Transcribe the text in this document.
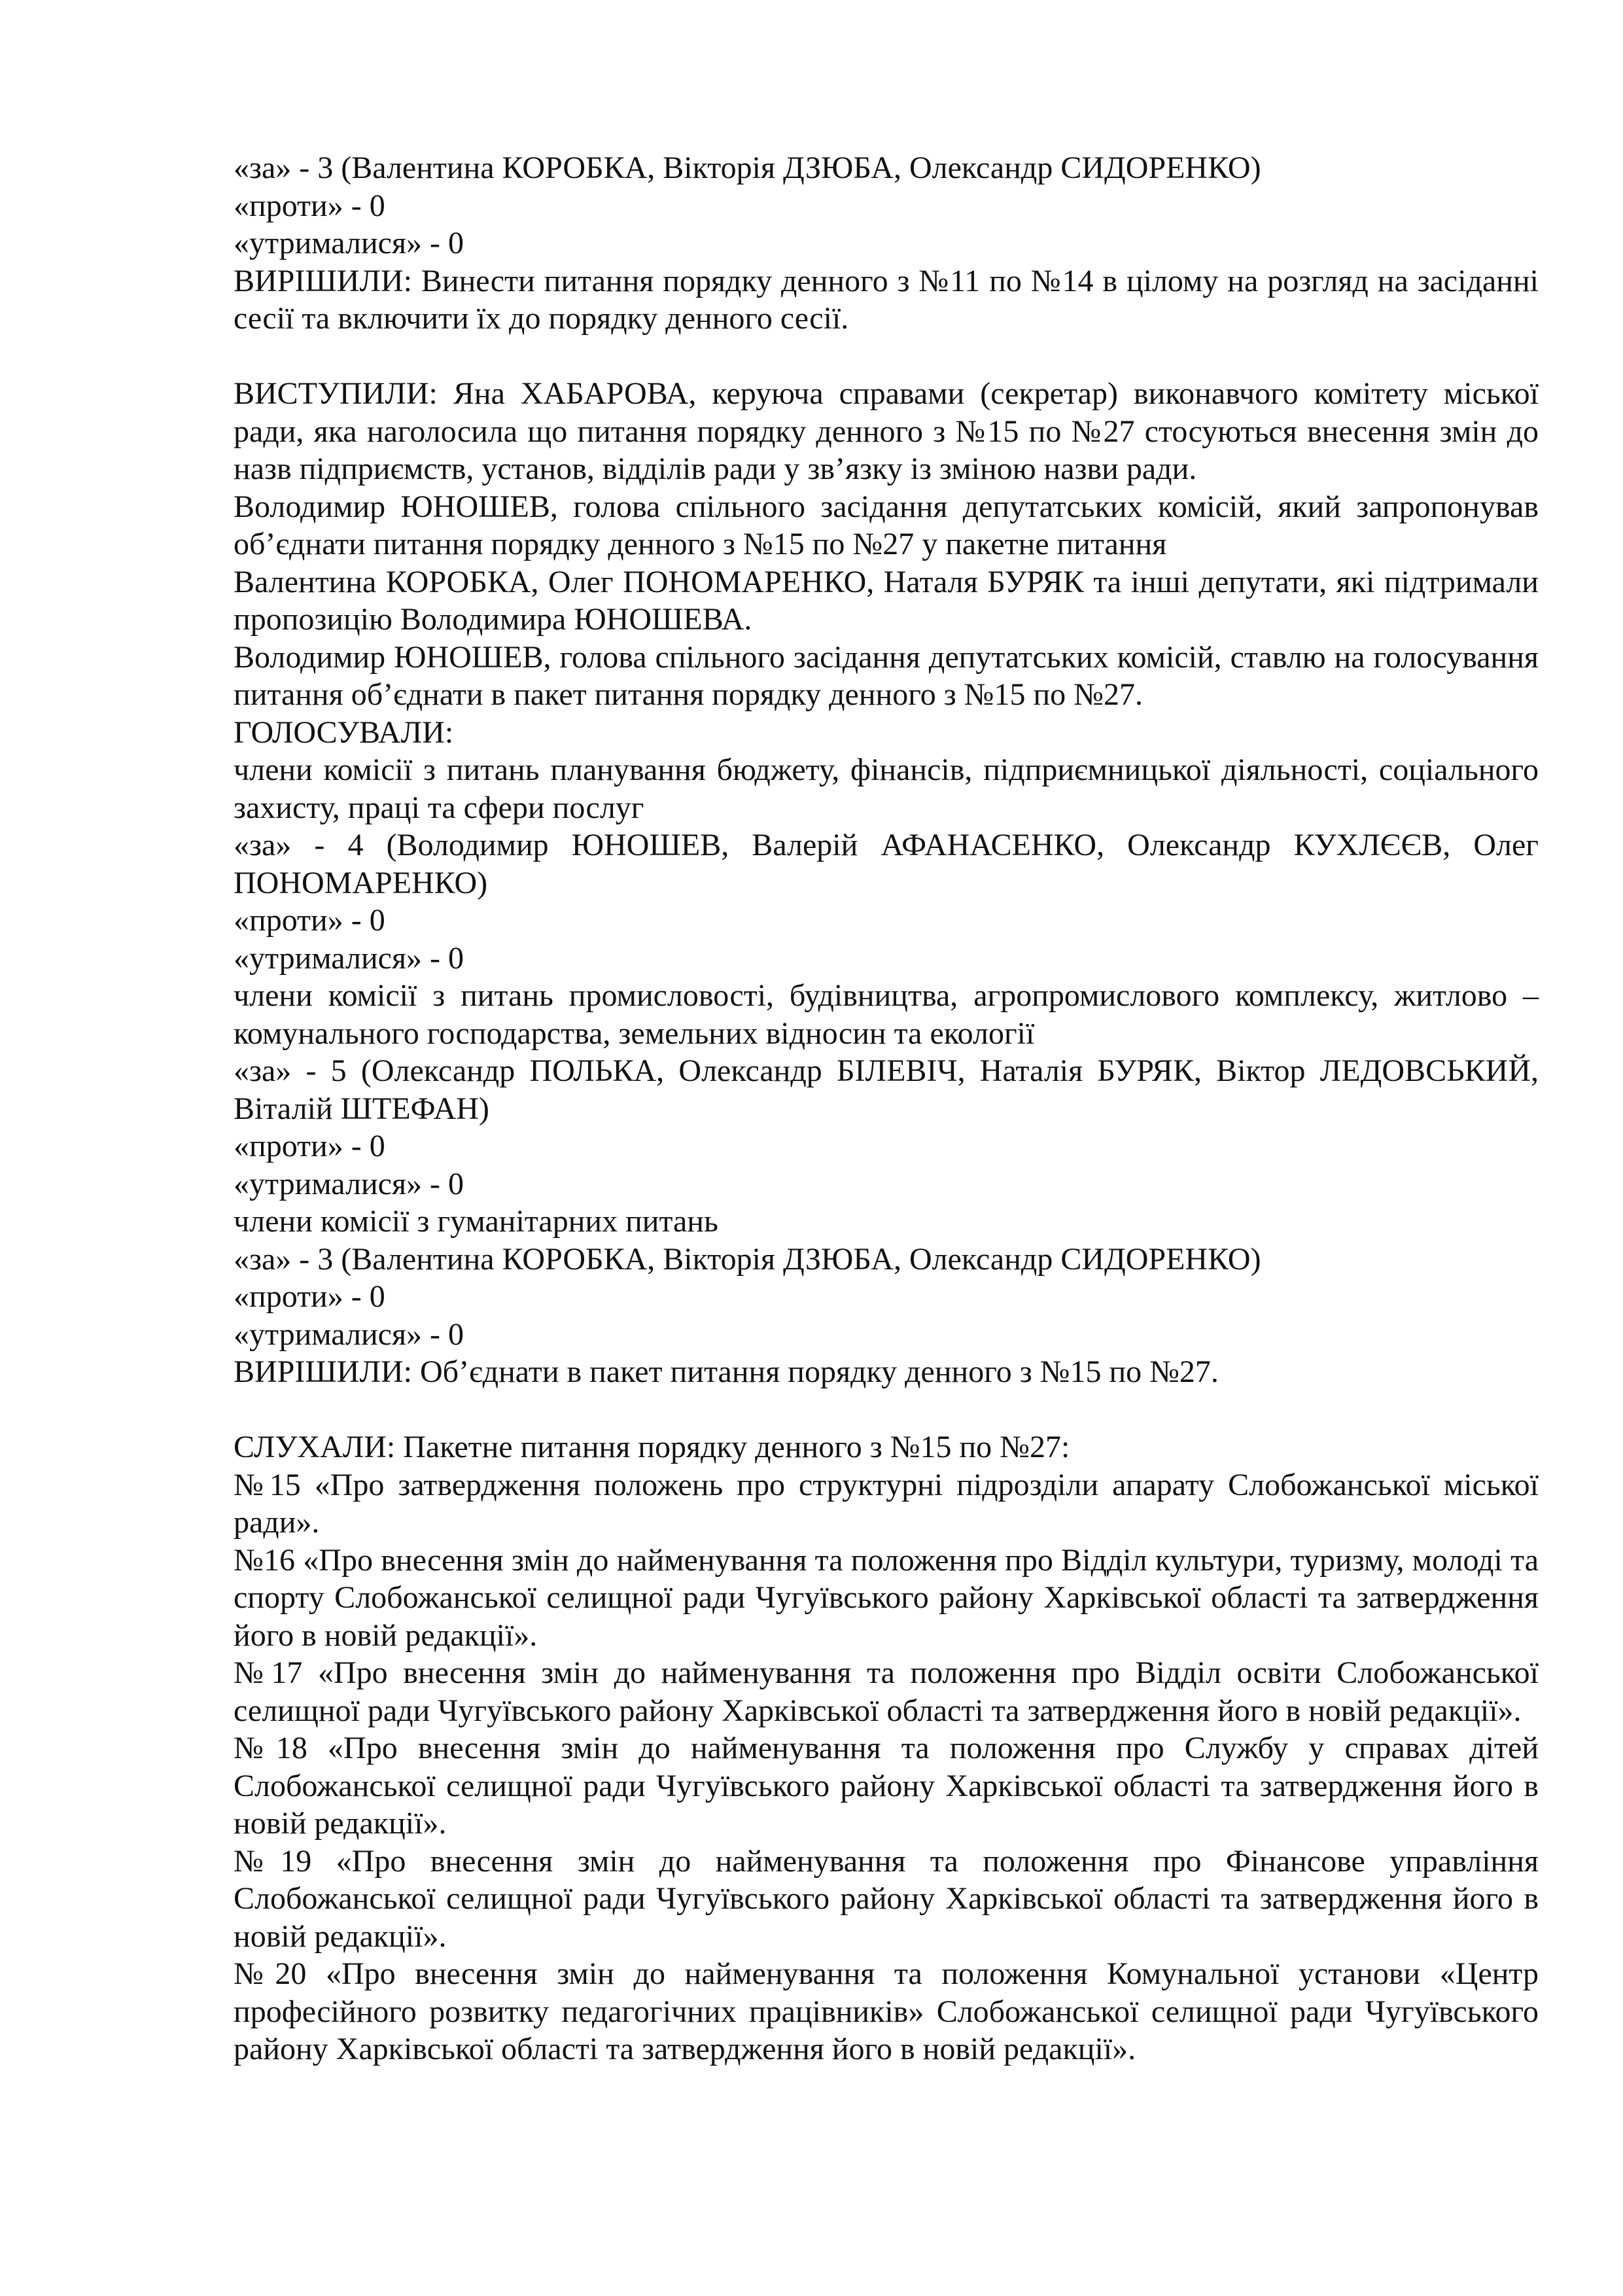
«за» - 3 (Валентина КОРОБКА, Вікторія ДЗЮБА, Олександр СИДОРЕНКО)

«проти» - 0

«утрималися» - 0

ВИРІШИЛИ: Винести питання порядку денного з №11 по №14 в цілому на розгляд на засіданні сесії та включити їх до порядку денного сесії.

ВИСТУПИЛИ: Яна ХАБАРОВА, керуюча справами (секретар) виконавчого комітету міської ради, яка наголосила що питання порядку денного з №15 по №27 стосуються внесення змін до назв підприємств, установ, відділів ради у зв’язку із зміною назви ради.

Володимир ЮНОШЕВ, голова спільного засідання депутатських комісій, який запропонував об’єднати питання порядку денного з №15 по №27 у пакетне питання

Валентина КОРОБКА, Олег ПОНОМАРЕНКО, Наталя БУРЯК та інші депутати, які підтримали пропозицію Володимира ЮНОШЕВА.

Володимир ЮНОШЕВ, голова спільного засідання депутатських комісій, ставлю на голосування питання об’єднати в пакет питання порядку денного з №15 по №27.

ГОЛОСУВАЛИ:

члени комісії з питань планування бюджету, фінансів, підприємницької діяльності, соціального захисту, праці та сфери послуг

«за» - 4 (Володимир ЮНОШЕВ, Валерій АФАНАСЕНКО, Олександр КУХЛЄЄВ, Олег ПОНОМАРЕНКО)

«проти» - 0

«утрималися» - 0

члени комісії з питань промисловості, будівництва, агропромислового комплексу, житлово – комунального господарства, земельних відносин та екології

«за» - 5 (Олександр ПОЛЬКА, Олександр БІЛЕВІЧ, Наталія БУРЯК, Віктор ЛЕДОВСЬКИЙ, Віталій ШТЕФАН)

«проти» - 0

«утрималися» - 0

члени комісії з гуманітарних питань

«за» - 3 (Валентина КОРОБКА, Вікторія ДЗЮБА, Олександр СИДОРЕНКО)

«проти» - 0

«утрималися» - 0

ВИРІШИЛИ: Об’єднати в пакет питання порядку денного з №15 по №27.

СЛУХАЛИ: Пакетне питання порядку денного з №15 по №27:

№15 «Про затвердження положень про структурні підрозділи апарату Слобожанської міської ради».

№16 «Про внесення змін до найменування та положення про Відділ культури, туризму, молоді та спорту Слобожанської селищної ради Чугуївського району Харківської області та затвердження його в новій редакції».

№17 «Про внесення змін до найменування та положення про Відділ освіти Слобожанської селищної ради Чугуївського району Харківської області та затвердження його в новій редакції».

№18 «Про внесення змін до найменування та положення про Службу у справах дітей Слобожанської селищної ради Чугуївського району Харківської області та затвердження його в новій редакції».

№19 «Про внесення змін до найменування та положення про Фінансове управління Слобожанської селищної ради Чугуївського району Харківської області та затвердження його в новій редакції».

№20 «Про внесення змін до найменування та положення Комунальної установи «Центр професійного розвитку педагогічних працівників» Слобожанської селищної ради Чугуївського району Харківської області та затвердження його в новій редакції».
